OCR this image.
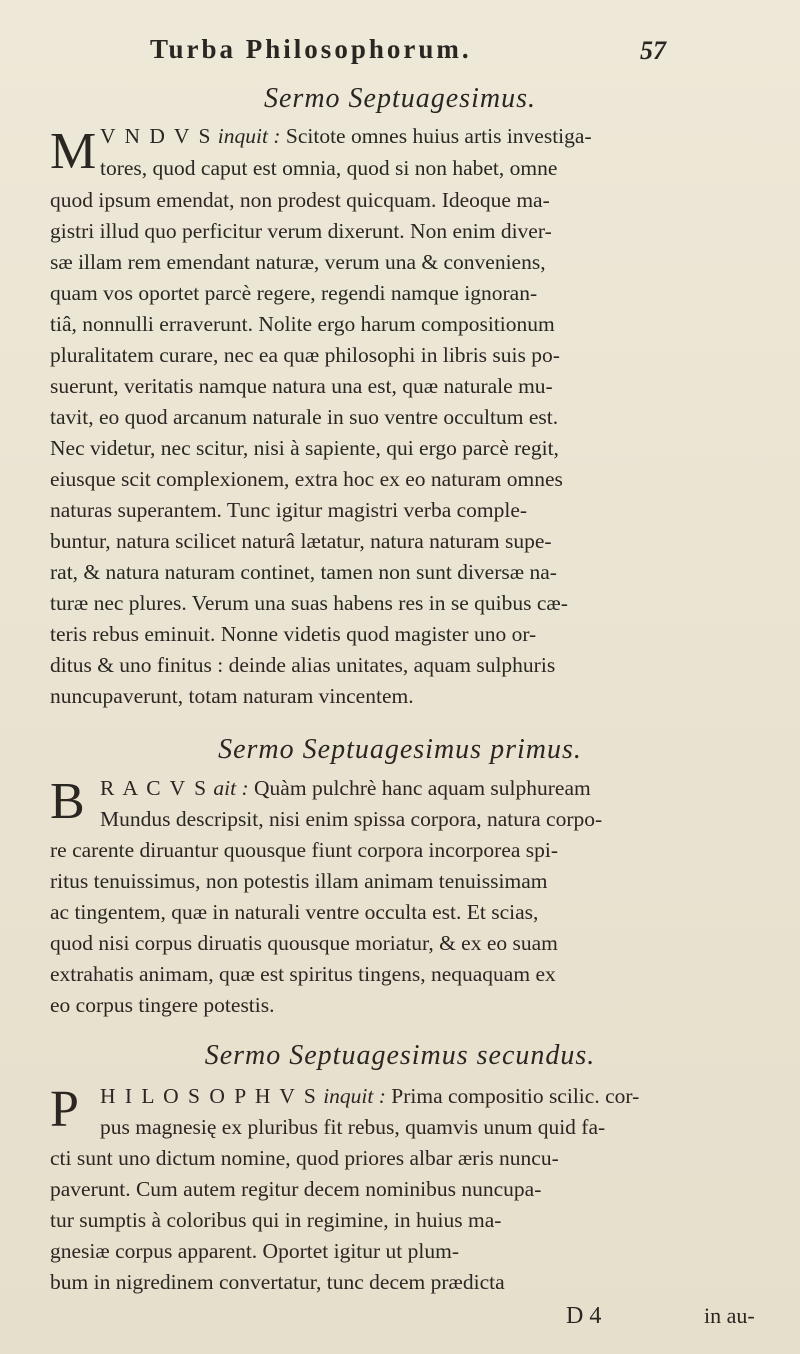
Turba Philosophorum.	57
Sermo Septuagesimus.
M V N D V S inquit : Scitote omnes huius artis investiga-
tores, quod caput est omnia, quod si non habet, omne
quod ipsum emendat, non prodest quicquam. Ideoque ma-
gistri illud quo perficitur verum dixerunt. Non enim diver-
sæ illam rem emendant naturæ, verum una & conveniens,
quam vos oportet parcè regere, regendi namque ignoran-
tiâ, nonnulli erraverunt. Nolite ergo harum compositionum
pluralitatem curare, nec ea quæ philosophi in libris suis po-
suerunt, veritatis namque natura una est, quæ naturale mu-
tavit, eo quod arcanum naturale in suo ventre occultum est.
Nec videtur, nec scitur, nisi à sapiente, qui ergo parcè regit,
eiusque scit complexionem, extra hoc ex eo naturam omnes
naturas superantem. Tunc igitur magistri verba comple-
buntur, natura scilicet naturâ lætatur, natura naturam supe-
rat, & natura naturam continet, tamen non sunt diversæ na-
turæ nec plures. Verum una suas habens res in se quibus cæ-
teris rebus eminuit. Nonne videtis quod magister uno or-
ditus & uno finitus : deinde alias unitates, aquam sulphuris
nuncupaverunt, totam naturam vincentem.
Sermo Septuagesimus primus.
B R A C V S ait : Quàm pulchrè hanc aquam sulphuream
Mundus descripsit, nisi enim spissa corpora, natura corpo-
re carente diruantur quousque fiunt corpora incorporea spi-
ritus tenuissimus, non potestis illam animam tenuissimam
ac tingentem, quæ in naturali ventre occulta est. Et scias,
quod nisi corpus diruatis quousque moriatur, & ex eo suam
extrahatis animam, quæ est spiritus tingens, nequaquam ex
eo corpus tingere potestis.
Sermo Septuagesimus secundus.
P H I L O S O P H V S inquit : Prima compositio scilic. cor-
pus magnesię ex pluribus fit rebus, quamvis unum quid fa-
cti sunt uno dictum nomine, quod priores albar æris nuncu-
paverunt. Cum autem regitur decem nominibus nuncupa-
tur sumptis à coloribus qui in regimine, in huius ma-
gnesiæ corpus apparent. Oportet igitur ut plum-
bum in nigredinem convertatur, tunc decem prædicta
D 4	in au-
